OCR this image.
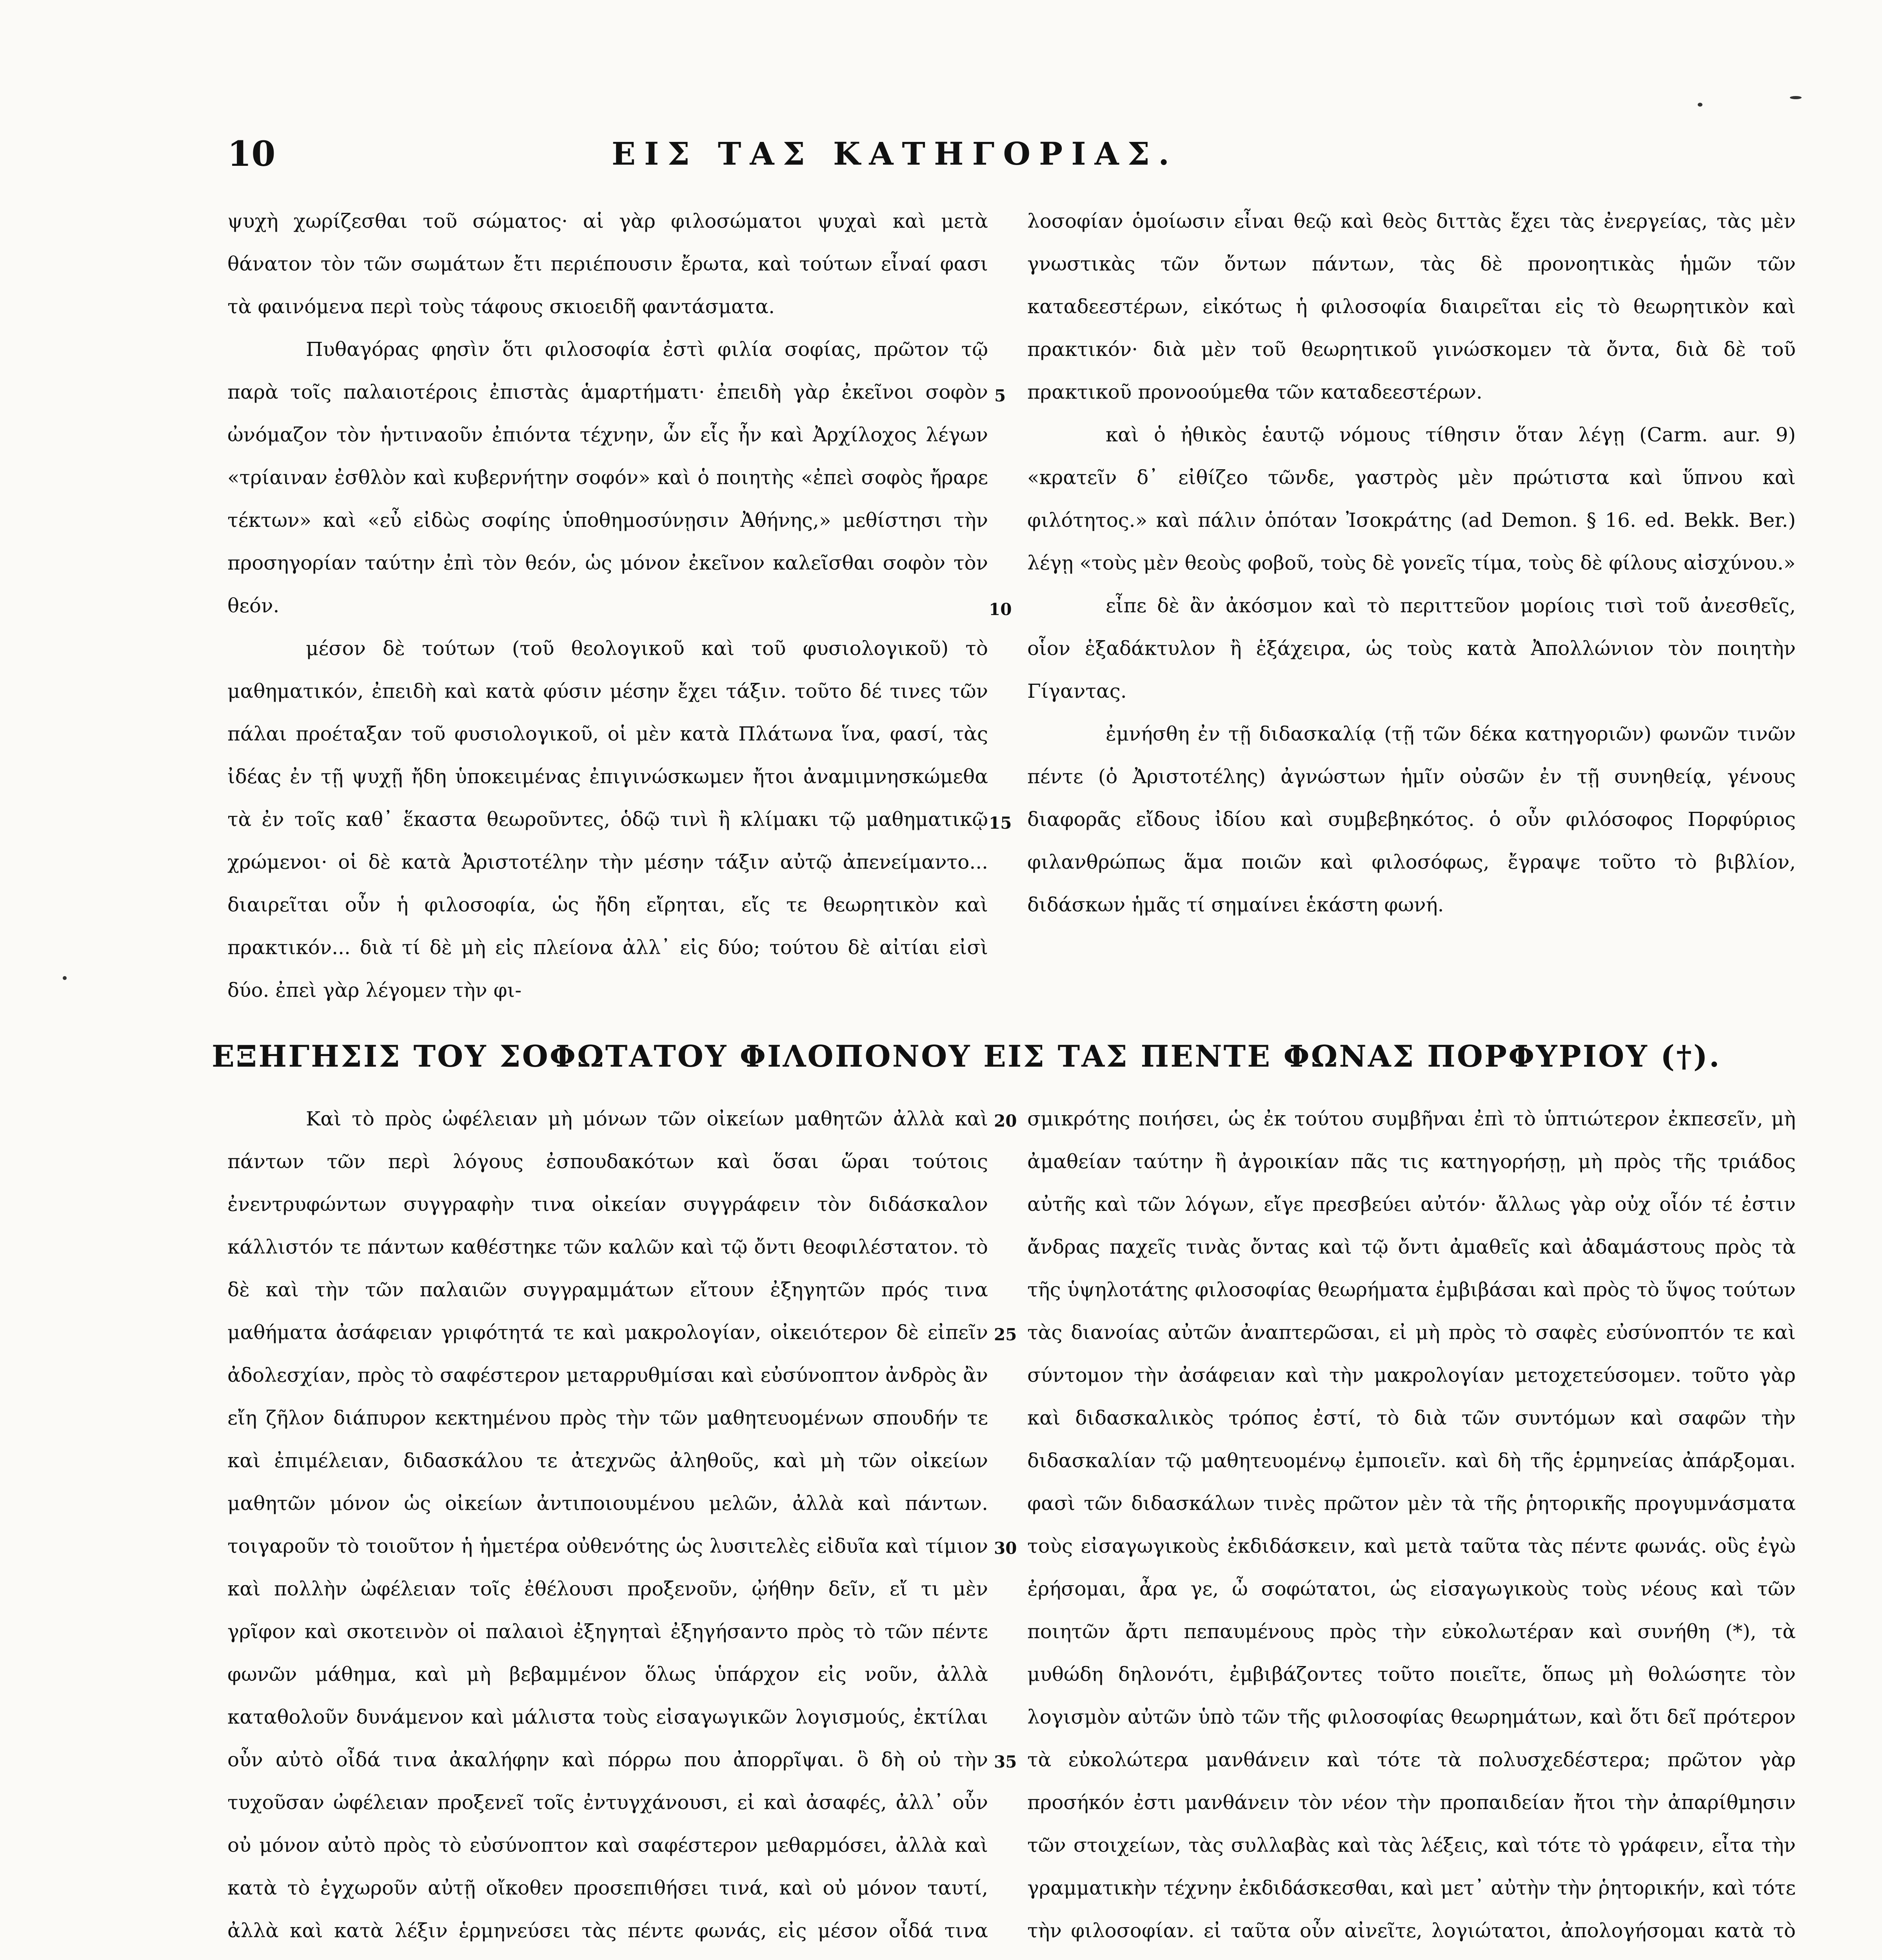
10	ΕΙΣ ΤΑΣ ΚΑΤΗΓΟΡΙΑΣ.

ψυχὴ χωρίζεσθαι τοῦ σώματος· αἱ γὰρ φιλοσώματοι ψυχαὶ καὶ μετὰ θάνατον τὸν τῶν σωμάτων ἔτι περιέπουσιν ἔρωτα, καὶ τούτων εἶναί φασι τὰ φαινόμενα περὶ τοὺς τάφους σκιοειδῆ φαντάσματα.

Πυθαγόρας φησὶν ὅτι φιλοσοφία ἐστὶ φιλία σοφίας, πρῶτον τῷ παρὰ τοῖς παλαιοτέροις ἐπιστὰς ἁμαρτήματι· ἐπειδὴ γὰρ ἐκεῖνοι σοφὸν ὠνόμαζον τὸν ἡντιναοῦν ἐπιόντα τέχνην, ὧν εἷς ἦν καὶ Ἀρχίλοχος λέγων «τρίαιναν ἐσθλὸν καὶ κυβερνήτην σοφόν» καὶ ὁ ποιητὴς «ἐπεὶ σοφὸς ἤραρε τέκτων» καὶ «εὖ εἰδὼς σοφίης ὑποθημοσύνῃσιν Ἀθήνης,» μεθίστησι τὴν προσηγορίαν ταύτην ἐπὶ τὸν θεόν, ὡς μόνον ἐκεῖνον καλεῖσθαι σοφὸν τὸν θεόν.

μέσον δὲ τούτων (τοῦ θεολογικοῦ καὶ τοῦ φυσιολογικοῦ) τὸ μαθηματικόν, ἐπειδὴ καὶ κατὰ φύσιν μέσην ἔχει τάξιν. τοῦτο δέ τινες τῶν πάλαι προέταξαν τοῦ φυσιολογικοῦ, οἱ μὲν κατὰ Πλάτωνα ἵνα, φασί, τὰς ἰδέας ἐν τῇ ψυχῇ ἤδη ὑποκειμένας ἐπιγινώσκωμεν ἤτοι ἀναμιμνησκώμεθα τὰ ἐν τοῖς καθ᾽ ἕκαστα θεωροῦντες, ὁδῷ τινὶ ἢ κλίμακι τῷ μαθηματικῷ χρώμενοι· οἱ δὲ κατὰ Ἀριστοτέλην τὴν μέσην τάξιν αὐτῷ ἀπενείμαντο... διαιρεῖται οὖν ἡ φιλοσοφία, ὡς ἤδη εἴρηται, εἴς τε θεωρητικὸν καὶ πρακτικόν... διὰ τί δὲ μὴ εἰς πλείονα ἀλλ᾽ εἰς δύο; τούτου δὲ αἰτίαι εἰσὶ δύο. ἐπεὶ γὰρ λέγομεν τὴν φι-

λοσοφίαν ὁμοίωσιν εἶναι θεῷ καὶ θεὸς διττὰς ἔχει τὰς ἐνεργείας, τὰς μὲν γνωστικὰς τῶν ὄντων πάντων, τὰς δὲ προνοητικὰς ἡμῶν τῶν καταδεεστέρων, εἰκότως ἡ φιλοσοφία διαιρεῖται εἰς τὸ θεωρητικὸν καὶ πρακτικόν· διὰ μὲν τοῦ θεωρητικοῦ γινώσκομεν τὰ ὄντα, διὰ δὲ τοῦ πρακτικοῦ προνοούμεθα τῶν καταδεεστέρων.

καὶ ὁ ἠθικὸς ἑαυτῷ νόμους τίθησιν ὅταν λέγῃ (Carm. aur. 9) «κρατεῖν δ᾽ εἰθίζεο τῶνδε, γαστρὸς μὲν πρώτιστα καὶ ὕπνου καὶ φιλότητος.» καὶ πάλιν ὁπόταν Ἰσοκράτης (ad Demon. § 16. ed. Bekk. Ber.) λέγῃ «τοὺς μὲν θεοὺς φοβοῦ, τοὺς δὲ γονεῖς τίμα, τοὺς δὲ φίλους αἰσχύνου.»

εἶπε δὲ ἂν ἀκόσμον καὶ τὸ περιττεῦον μορίοις τισὶ τοῦ ἀνεσθεῖς, οἷον ἑξαδάκτυλον ἢ ἑξάχειρα, ὡς τοὺς κατὰ Ἀπολλώνιον τὸν ποιητὴν Γίγαντας.

ἐμνήσθη ἐν τῇ διδασκαλίᾳ (τῇ τῶν δέκα κατηγοριῶν) φωνῶν τινῶν πέντε (ὁ Ἀριστοτέλης) ἀγνώστων ἡμῖν οὐσῶν ἐν τῇ συνηθείᾳ, γένους διαφορᾶς εἴδους ἰδίου καὶ συμβεβηκότος. ὁ οὖν φιλόσοφος Πορφύριος φιλανθρώπως ἅμα ποιῶν καὶ φιλοσόφως, ἔγραψε τοῦτο τὸ βιβλίον, διδάσκων ἡμᾶς τί σημαίνει ἑκάστη φωνή.

5
10
15
ΕΞΗΓΗΣΙΣ ΤΟΥ ΣΟΦΩΤΑΤΟΥ ΦΙΛΟΠΟΝΟΥ ΕΙΣ ΤΑΣ ΠΕΝΤΕ ΦΩΝΑΣ ΠΟΡΦΥΡΙΟΥ (†).

Καὶ τὸ πρὸς ὠφέλειαν μὴ μόνων τῶν οἰκείων μαθητῶν ἀλλὰ καὶ πάντων τῶν περὶ λόγους ἐσπουδακότων καὶ ὅσαι ὥραι τούτοις ἐνεντρυφώντων συγγραφὴν τινα οἰκείαν συγγράφειν τὸν διδάσκαλον κάλλιστόν τε πάντων καθέστηκε τῶν καλῶν καὶ τῷ ὄντι θεοφιλέστατον. τὸ δὲ καὶ τὴν τῶν παλαιῶν συγγραμμάτων εἴτουν ἐξηγητῶν πρός τινα μαθήματα ἀσάφειαν γριφότητά τε καὶ μακρολογίαν, οἰκειότερον δὲ εἰπεῖν ἀδολεσχίαν, πρὸς τὸ σαφέστερον μεταρρυθμίσαι καὶ εὐσύνοπτον ἀνδρὸς ἂν εἴη ζῆλον διάπυρον κεκτημένου πρὸς τὴν τῶν μαθητευομένων σπουδήν τε καὶ ἐπιμέλειαν, διδασκάλου τε ἀτεχνῶς ἀληθοῦς, καὶ μὴ τῶν οἰκείων μαθητῶν μόνον ὡς οἰκείων ἀντιποιουμένου μελῶν, ἀλλὰ καὶ πάντων. τοιγαροῦν τὸ τοιοῦτον ἡ ἡμετέρα οὐθενότης ὡς λυσιτελὲς εἰδυῖα καὶ τίμιον καὶ πολλὴν ὠφέλειαν τοῖς ἐθέλουσι προξενοῦν, ᾠήθην δεῖν, εἴ τι μὲν γρῖφον καὶ σκοτεινὸν οἱ παλαιοὶ ἐξηγηταὶ ἐξηγήσαντο πρὸς τὸ τῶν πέντε φωνῶν μάθημα, καὶ μὴ βεβαμμένον ὅλως ὑπάρχον εἰς νοῦν, ἀλλὰ καταθολοῦν δυνάμενον καὶ μάλιστα τοὺς εἰσαγωγικῶν λογισμούς, ἐκτίλαι οὖν αὐτὸ οἶδά τινα ἀκαλήφην καὶ πόρρω που ἀπορρῖψαι. ὃ δὴ οὐ τὴν τυχοῦσαν ὠφέλειαν προξενεῖ τοῖς ἐντυγχάνουσι, εἰ καὶ ἀσαφές, ἀλλ᾽ οὖν οὐ μόνον αὐτὸ πρὸς τὸ εὐσύνοπτον καὶ σαφέστερον μεθαρμόσει, ἀλλὰ καὶ κατὰ τὸ ἐγχωροῦν αὐτῇ οἴκοθεν προσεπιθήσει τινά, καὶ οὐ μόνον ταυτί, ἀλλὰ καὶ κατὰ λέξιν ἑρμηνεύσει τὰς πέντε φωνάς, εἰς μέσον οἶδά τινα

σμικρότης ποιήσει, ὡς ἐκ τούτου συμβῆναι ἐπὶ τὸ ὑπτιώτερον ἐκπεσεῖν, μὴ ἀμαθείαν ταύτην ἢ ἀγροικίαν πᾶς τις κατηγορήσῃ, μὴ πρὸς τῆς τριάδος αὐτῆς καὶ τῶν λόγων, εἴγε πρεσβεύει αὐτόν· ἄλλως γὰρ οὐχ οἷόν τέ ἐστιν ἄνδρας παχεῖς τινὰς ὄντας καὶ τῷ ὄντι ἀμαθεῖς καὶ ἀδαμάστους πρὸς τὰ τῆς ὑψηλοτάτης φιλοσοφίας θεωρήματα ἐμβιβάσαι καὶ πρὸς τὸ ὕψος τούτων τὰς διανοίας αὐτῶν ἀναπτερῶσαι, εἰ μὴ πρὸς τὸ σαφὲς εὐσύνοπτόν τε καὶ σύντομον τὴν ἀσάφειαν καὶ τὴν μακρολογίαν μετοχετεύσομεν. τοῦτο γὰρ καὶ διδασκαλικὸς τρόπος ἐστί, τὸ διὰ τῶν συντόμων καὶ σαφῶν τὴν διδασκαλίαν τῷ μαθητευομένῳ ἐμποιεῖν. καὶ δὴ τῆς ἑρμηνείας ἀπάρξομαι. φασὶ τῶν διδασκάλων τινὲς πρῶτον μὲν τὰ τῆς ῥητορικῆς προγυμνάσματα τοὺς εἰσαγωγικοὺς ἐκδιδάσκειν, καὶ μετὰ ταῦτα τὰς πέντε φωνάς. οὓς ἐγὼ ἐρήσομαι, ἆρα γε, ὦ σοφώτατοι, ὡς εἰσαγωγικοὺς τοὺς νέους καὶ τῶν ποιητῶν ἄρτι πεπαυμένους πρὸς τὴν εὐκολωτέραν καὶ συνήθη (*), τὰ μυθώδη δηλονότι, ἐμβιβάζοντες τοῦτο ποιεῖτε, ὅπως μὴ θολώσητε τὸν λογισμὸν αὐτῶν ὑπὸ τῶν τῆς φιλοσοφίας θεωρημάτων, καὶ ὅτι δεῖ πρότερον τὰ εὐκολώτερα μανθάνειν καὶ τότε τὰ πολυσχεδέστερα; πρῶτον γὰρ προσήκόν ἐστι μανθάνειν τὸν νέον τὴν προπαιδείαν ἤτοι τὴν ἀπαρίθμησιν τῶν στοιχείων, τὰς συλλαβὰς καὶ τὰς λέξεις, καὶ τότε τὸ γράφειν, εἶτα τὴν γραμματικὴν τέχνην ἐκδιδάσκεσθαι, καὶ μετ᾽ αὐτὴν τὴν ῥητορικήν, καὶ τότε τὴν φιλοσοφίαν. εἰ ταῦτα οὖν αἰνεῖτε, λογιώτατοι, ἀπολογήσομαι κατὰ τὸ

20
25
30
35
